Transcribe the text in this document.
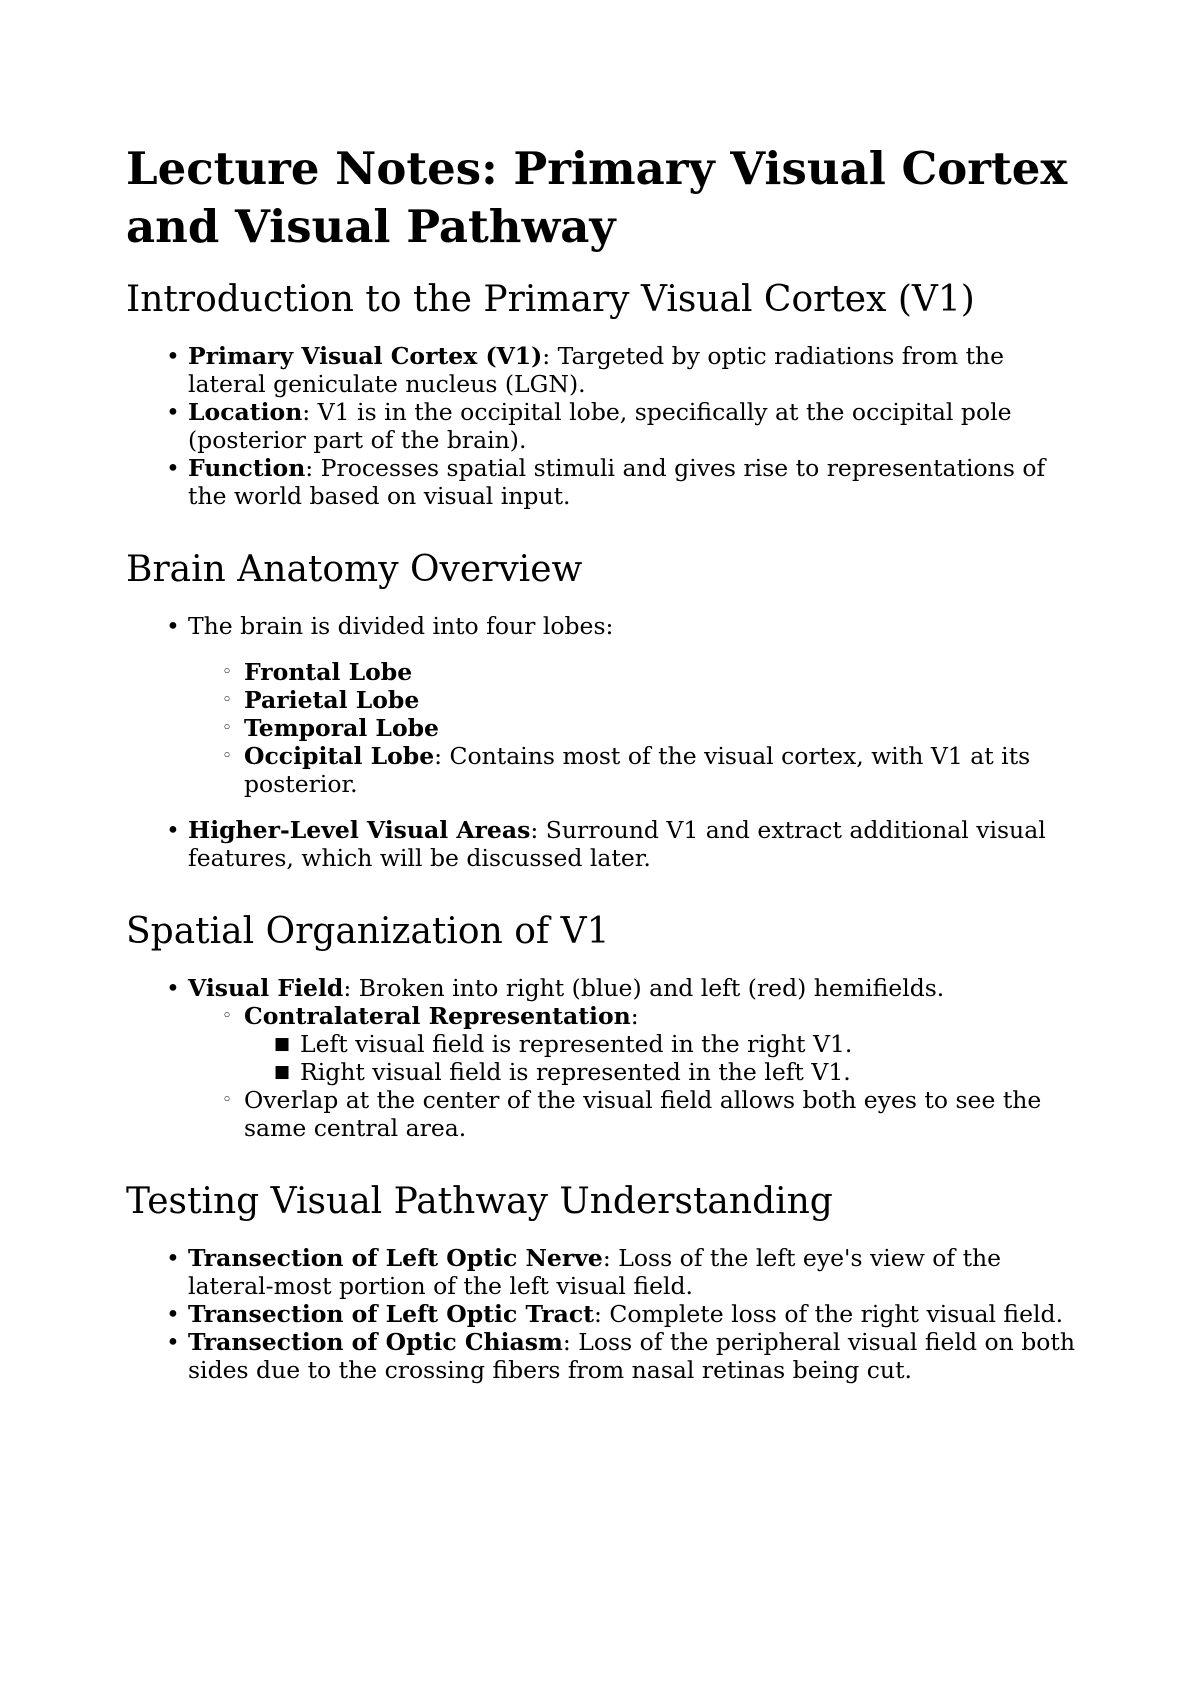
Lecture Notes: Primary Visual Cortex and Visual Pathway
Introduction to the Primary Visual Cortex (V1)
• Primary Visual Cortex (V1): Targeted by optic radiations from the lateral geniculate nucleus (LGN).
• Location: V1 is in the occipital lobe, specifically at the occipital pole (posterior part of the brain).
• Function: Processes spatial stimuli and gives rise to representations of the world based on visual input.
Brain Anatomy Overview
• The brain is divided into four lobes:
◦ Frontal Lobe
◦ Parietal Lobe
◦ Temporal Lobe
◦ Occipital Lobe: Contains most of the visual cortex, with V1 at its posterior.
• Higher-Level Visual Areas: Surround V1 and extract additional visual features, which will be discussed later.
Spatial Organization of V1
• Visual Field: Broken into right (blue) and left (red) hemifields.
◦ Contralateral Representation:
■ Left visual field is represented in the right V1.
■ Right visual field is represented in the left V1.
◦ Overlap at the center of the visual field allows both eyes to see the same central area.
Testing Visual Pathway Understanding
• Transection of Left Optic Nerve: Loss of the left eye's view of the lateral-most portion of the left visual field.
• Transection of Left Optic Tract: Complete loss of the right visual field.
• Transection of Optic Chiasm: Loss of the peripheral visual field on both sides due to the crossing fibers from nasal retinas being cut.
